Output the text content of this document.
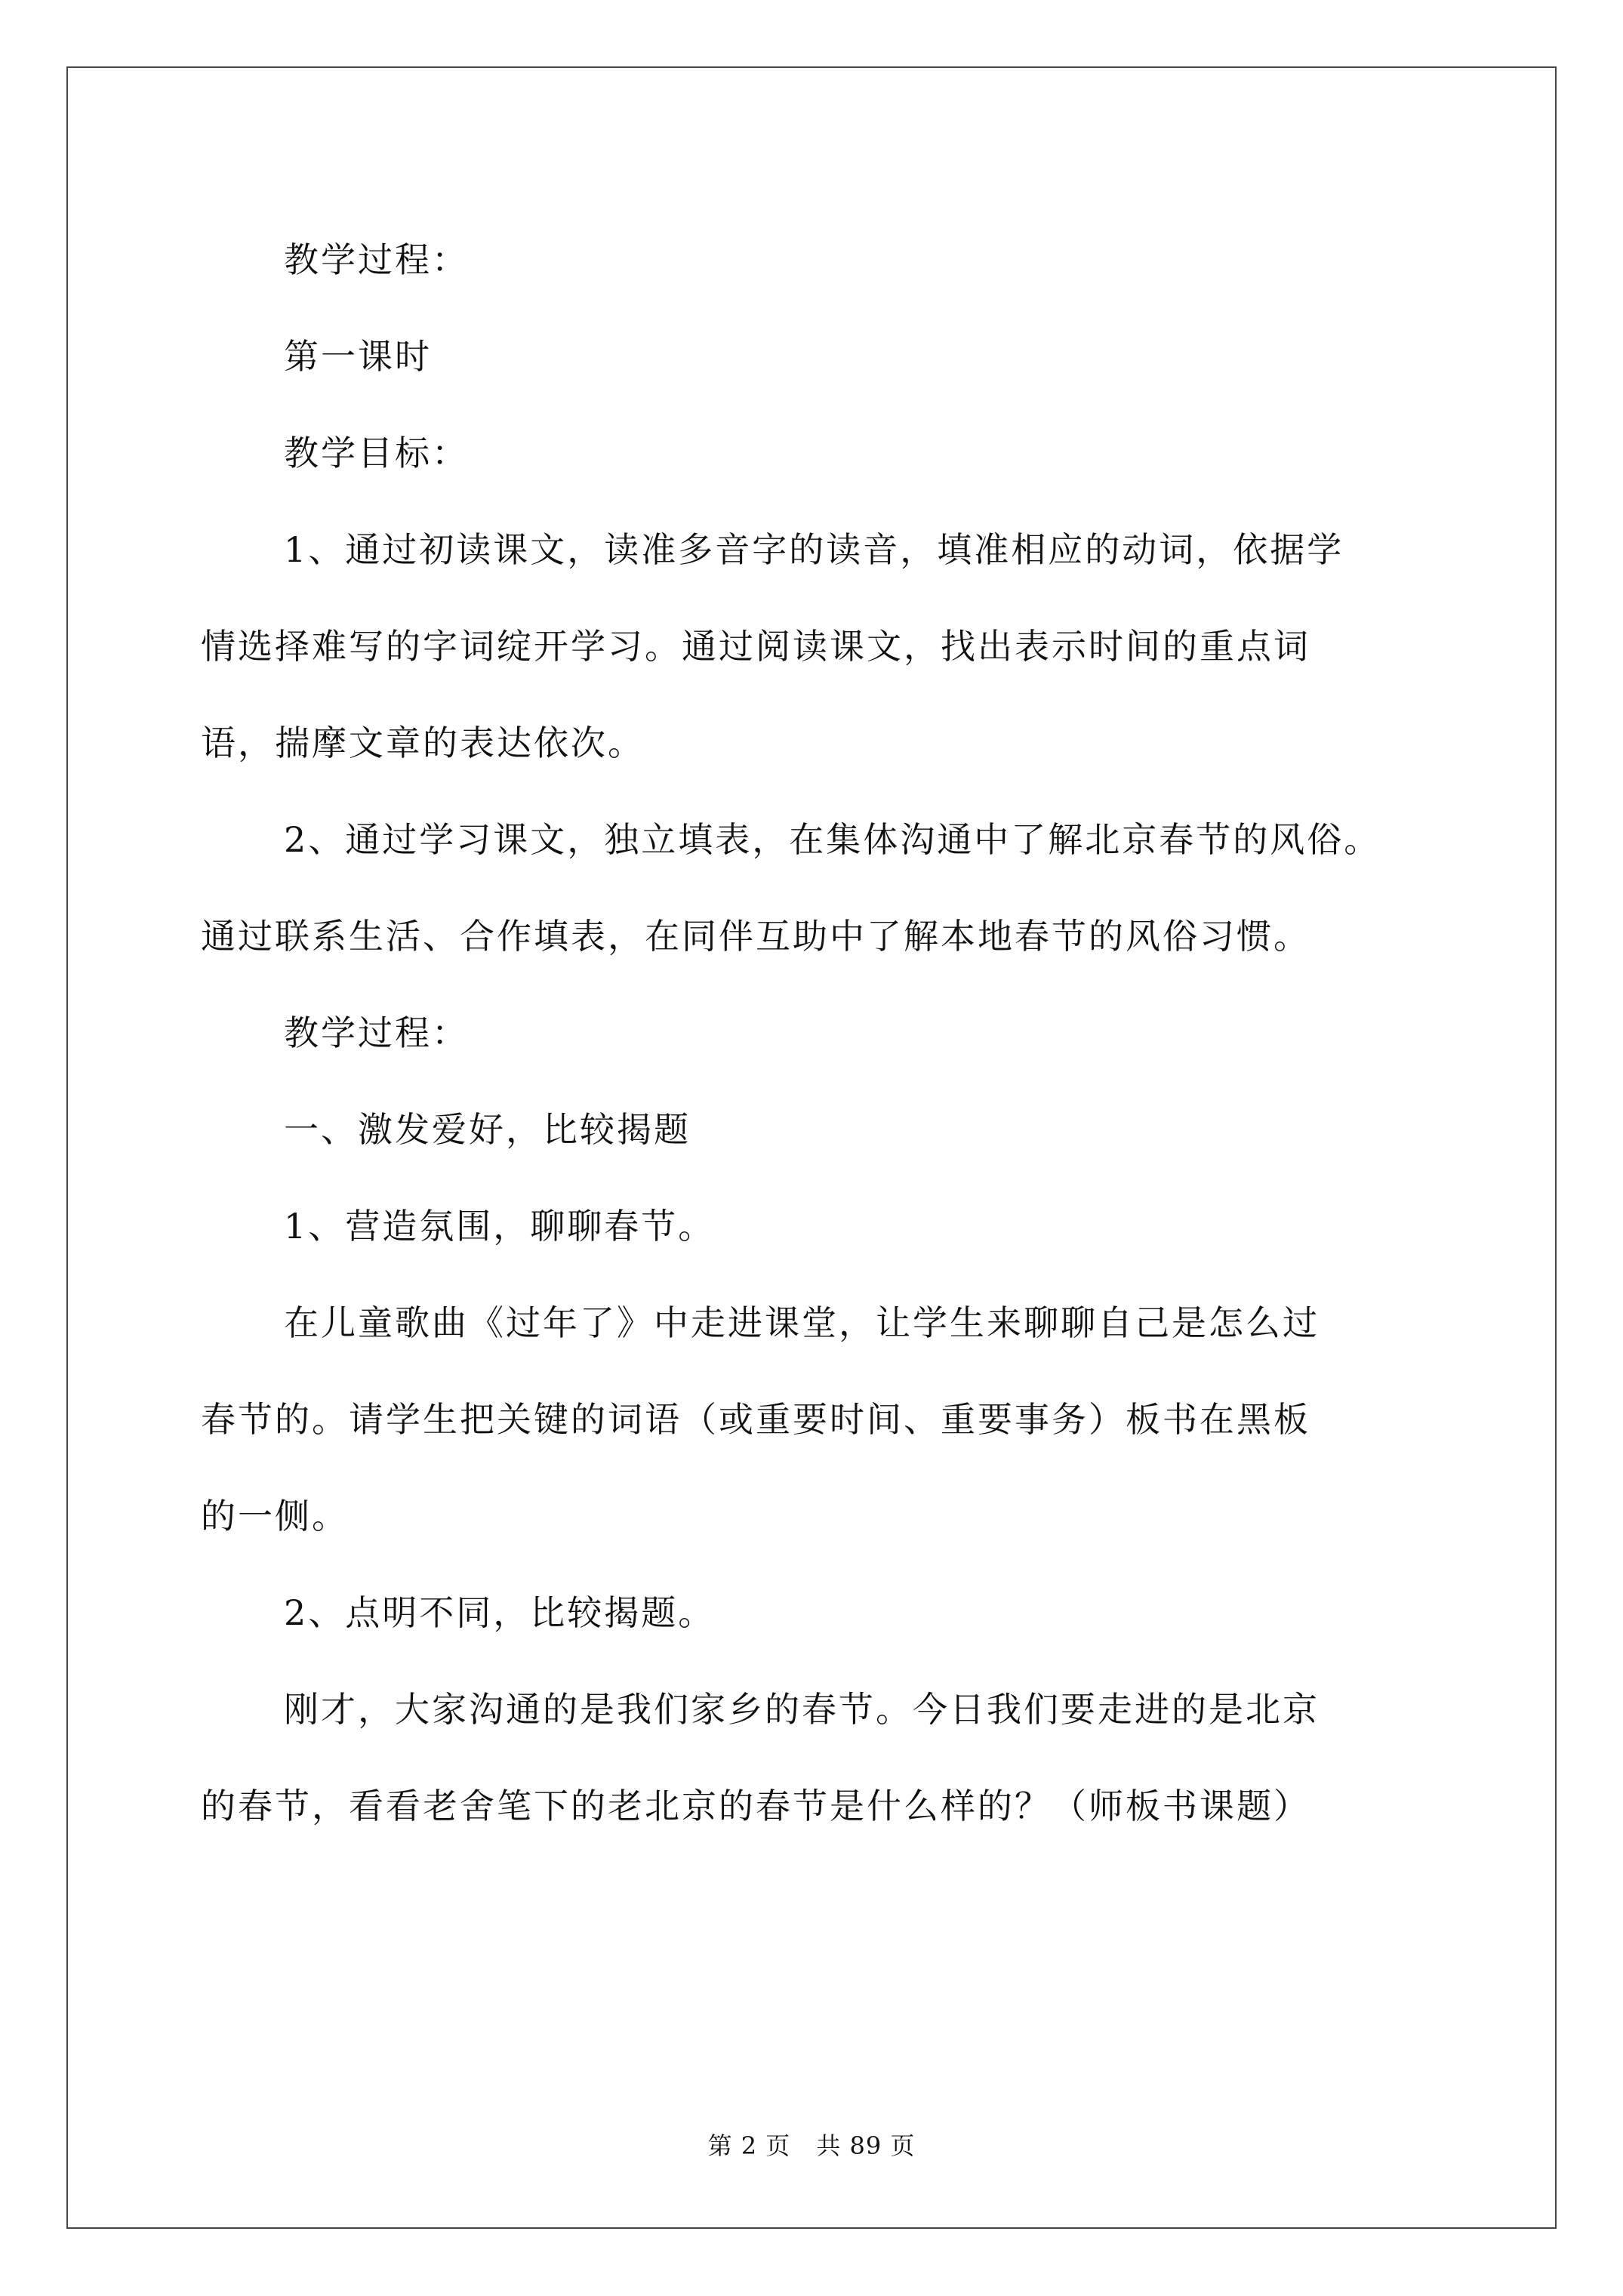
教学过程：

第一课时

教学目标：

1、通过初读课文，读准多音字的读音，填准相应的动词，依据学

情选择难写的字词绽开学习。通过阅读课文，找出表示时间的重点词

语，揣摩文章的表达依次。

2、通过学习课文，独立填表，在集体沟通中了解北京春节的风俗。

通过联系生活、合作填表，在同伴互助中了解本地春节的风俗习惯。

教学过程：

一、激发爱好，比较揭题

1、营造氛围，聊聊春节。

在儿童歌曲《过年了》中走进课堂，让学生来聊聊自己是怎么过

春节的。请学生把关键的词语（或重要时间、重要事务）板书在黑板

的一侧。

2、点明不同，比较揭题。

刚才，大家沟通的是我们家乡的春节。今日我们要走进的是北京

的春节，看看老舍笔下的老北京的春节是什么样的？（师板书课题）

第 2 页 共 89 页
